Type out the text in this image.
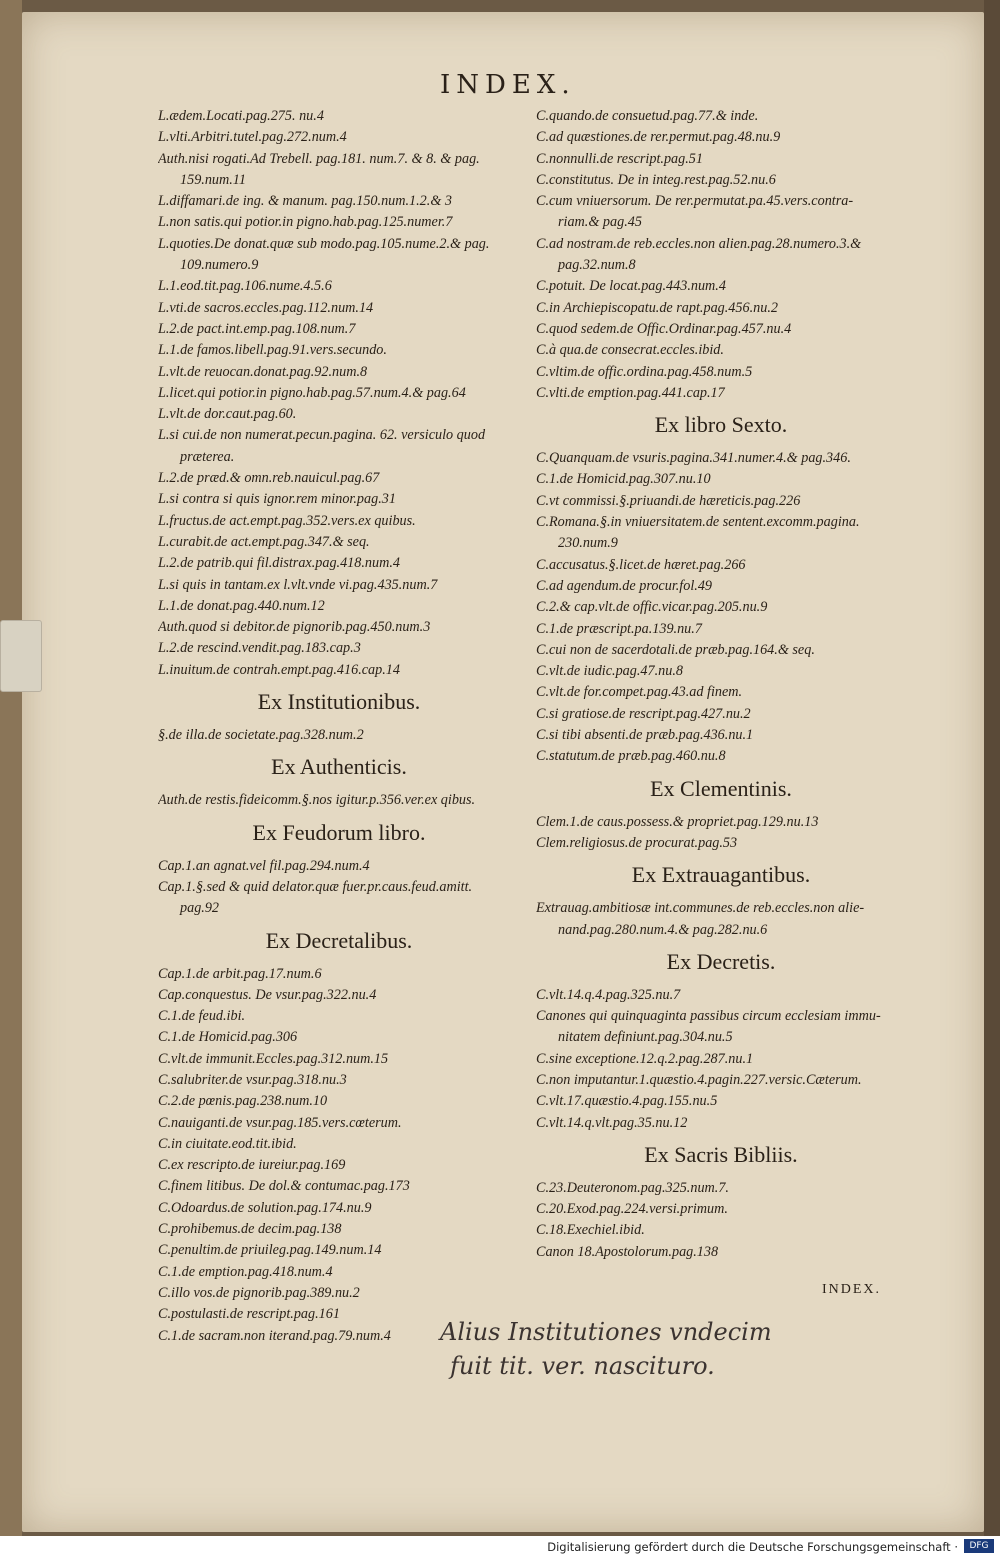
INDEX.
L.ædem.Locati.pag.275. nu.4
L.vlti.Arbitri.tutel.pag.272.num.4
Auth.nisi rogati.Ad Trebell. pag.181. num.7. & 8. & pag.
159.num.11
L.diffamari.de ing. & manum. pag.150.num.1.2.& 3
L.non satis.qui potior.in pigno.hab.pag.125.numer.7
L.quoties.De donat.quæ sub modo.pag.105.nume.2.& pag.
109.numero.9
L.1.eod.tit.pag.106.nume.4.5.6
L.vti.de sacros.eccles.pag.112.num.14
L.2.de pact.int.emp.pag.108.num.7
L.1.de famos.libell.pag.91.vers.secundo.
L.vlt.de reuocan.donat.pag.92.num.8
L.licet.qui potior.in pigno.hab.pag.57.num.4.& pag.64
L.vlt.de dor.caut.pag.60.
L.si cui.de non numerat.pecun.pagina. 62. versiculo quod
præterea.
L.2.de præd.& omn.reb.nauicul.pag.67
L.si contra si quis ignor.rem minor.pag.31
L.fructus.de act.empt.pag.352.vers.ex quibus.
L.curabit.de act.empt.pag.347.& seq.
L.2.de patrib.qui fil.distrax.pag.418.num.4
L.si quis in tantam.ex l.vlt.vnde vi.pag.435.num.7
L.1.de donat.pag.440.num.12
Auth.quod si debitor.de pignorib.pag.450.num.3
L.2.de rescind.vendit.pag.183.cap.3
L.inuitum.de contrah.empt.pag.416.cap.14
Ex Institutionibus.
§.de illa.de societate.pag.328.num.2
Ex Authenticis.
Auth.de restis.fideicomm.§.nos igitur.p.356.ver.ex qibus.
Ex Feudorum libro.
Cap.1.an agnat.vel fil.pag.294.num.4
Cap.1.§.sed & quid delator.quæ fuer.pr.caus.feud.amitt.
pag.92
Ex Decretalibus.
Cap.1.de arbit.pag.17.num.6
Cap.conquestus. De vsur.pag.322.nu.4
C.1.de feud.ibi.
C.1.de Homicid.pag.306
C.vlt.de immunit.Eccles.pag.312.num.15
C.salubriter.de vsur.pag.318.nu.3
C.2.de pœnis.pag.238.num.10
C.nauiganti.de vsur.pag.185.vers.cœterum.
C.in ciuitate.eod.tit.ibid.
C.ex rescripto.de iureiur.pag.169
C.finem litibus. De dol.& contumac.pag.173
C.Odoardus.de solution.pag.174.nu.9
C.prohibemus.de decim.pag.138
C.penultim.de priuileg.pag.149.num.14
C.1.de emption.pag.418.num.4
C.illo vos.de pignorib.pag.389.nu.2
C.postulasti.de rescript.pag.161
C.1.de sacram.non iterand.pag.79.num.4
C.quando.de consuetud.pag.77.& inde.
C.ad quæstiones.de rer.permut.pag.48.nu.9
C.nonnulli.de rescript.pag.51
C.constitutus. De in integ.rest.pag.52.nu.6
C.cum vniuersorum. De rer.permutat.pa.45.vers.contra-
riam.& pag.45
C.ad nostram.de reb.eccles.non alien.pag.28.numero.3.&
pag.32.num.8
C.potuit. De locat.pag.443.num.4
C.in Archiepiscopatu.de rapt.pag.456.nu.2
C.quod sedem.de Offic.Ordinar.pag.457.nu.4
C.à qua.de consecrat.eccles.ibid.
C.vltim.de offic.ordina.pag.458.num.5
C.vlti.de emption.pag.441.cap.17
Ex libro Sexto.
C.Quanquam.de vsuris.pagina.341.numer.4.& pag.346.
C.1.de Homicid.pag.307.nu.10
C.vt commissi.§.priuandi.de hæreticis.pag.226
C.Romana.§.in vniuersitatem.de sentent.excomm.pagina.
230.num.9
C.accusatus.§.licet.de hæret.pag.266
C.ad agendum.de procur.fol.49
C.2.& cap.vlt.de offic.vicar.pag.205.nu.9
C.1.de præscript.pa.139.nu.7
C.cui non de sacerdotali.de præb.pag.164.& seq.
C.vlt.de iudic.pag.47.nu.8
C.vlt.de for.compet.pag.43.ad finem.
C.si gratiose.de rescript.pag.427.nu.2
C.si tibi absenti.de præb.pag.436.nu.1
C.statutum.de præb.pag.460.nu.8
Ex Clementinis.
Clem.1.de caus.possess.& propriet.pag.129.nu.13
Clem.religiosus.de procurat.pag.53
Ex Extrauagantibus.
Extrauag.ambitiosæ int.communes.de reb.eccles.non alie-
nand.pag.280.num.4.& pag.282.nu.6
Ex Decretis.
C.vlt.14.q.4.pag.325.nu.7
Canones qui quinquaginta passibus circum ecclesiam immu-
nitatem definiunt.pag.304.nu.5
C.sine exceptione.12.q.2.pag.287.nu.1
C.non imputantur.1.quæstio.4.pagin.227.versic.Cæterum.
C.vlt.17.quæstio.4.pag.155.nu.5
C.vlt.14.q.vlt.pag.35.nu.12
Ex Sacris Bibliis.
C.23.Deuteronom.pag.325.num.7.
C.20.Exod.pag.224.versi.primum.
C.18.Exechiel.ibid.
Canon 18.Apostolorum.pag.138
INDEX.
Alius Institutiones vndecim
fuit tit. ver. nascituro.
Digitalisierung gefördert durch die Deutsche Forschungsgemeinschaft ·	DFG
